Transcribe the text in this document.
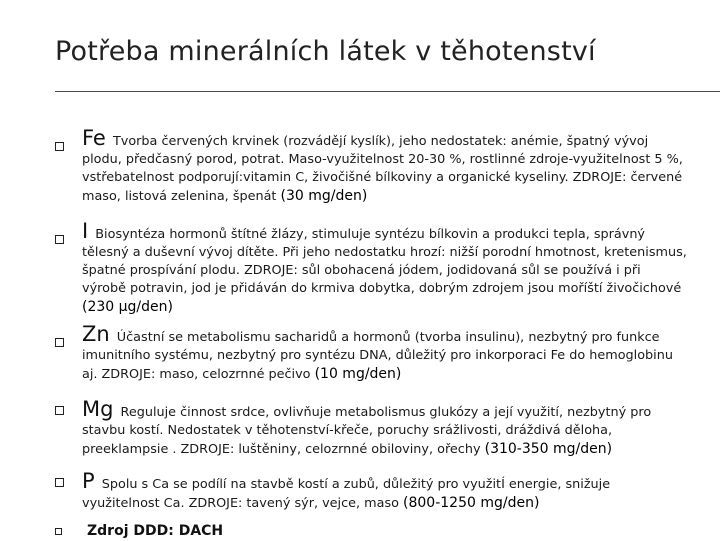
Potřeba minerálních látek v těhotenství
Fe Tvorba červených krvinek (rozvádějí kyslík), jeho nedostatek: anémie, špatný vývoj plodu, předčasný porod, potrat. Maso-využitelnost 20-30 %, rostlinné zdroje-využitelnost 5 %, vstřebatelnost podporují:vitamin C, živočišné bílkoviny a organické kyseliny. ZDROJE: červené maso, listová zelenina, špenát (30 mg/den)
I Biosyntéza hormonů štítné žlázy, stimuluje syntézu bílkovin a produkci tepla, správný tělesný a duševní vývoj dítěte. Při jeho nedostatku hrozí: nižší porodní hmotnost, kretenismus, špatné prospívání plodu. ZDROJE: sůl obohacená jódem, jodidovaná sůl se používá i při výrobě potravin, jod je přidáván do krmiva dobytka, dobrým zdrojem jsou moříští živočichové (230 µg/den)
Zn Účastní se metabolismu sacharidů a hormonů (tvorba insulinu), nezbytný pro funkce imunitního systému, nezbytný pro syntézu DNA, důležitý pro inkorporaci Fe do hemoglobinu aj. ZDROJE: maso, celozrnné pečivo (10 mg/den)
Mg Reguluje činnost srdce, ovlivňuje metabolismus glukózy a její využití, nezbytný pro stavbu kostí. Nedostatek v těhotenství-křeče, poruchy srážlivosti, dráždivá děloha, preeklampsie . ZDROJE: luštěniny, celozrnné obiloviny, ořechy (310-350 mg/den)
P Spolu s Ca se podílí na stavbě kostí a zubů, důležitý pro využitÍ energie, snižuje využitelnost Ca. ZDROJE: tavený sýr, vejce, maso (800-1250 mg/den)
Zdroj DDD: DACH
